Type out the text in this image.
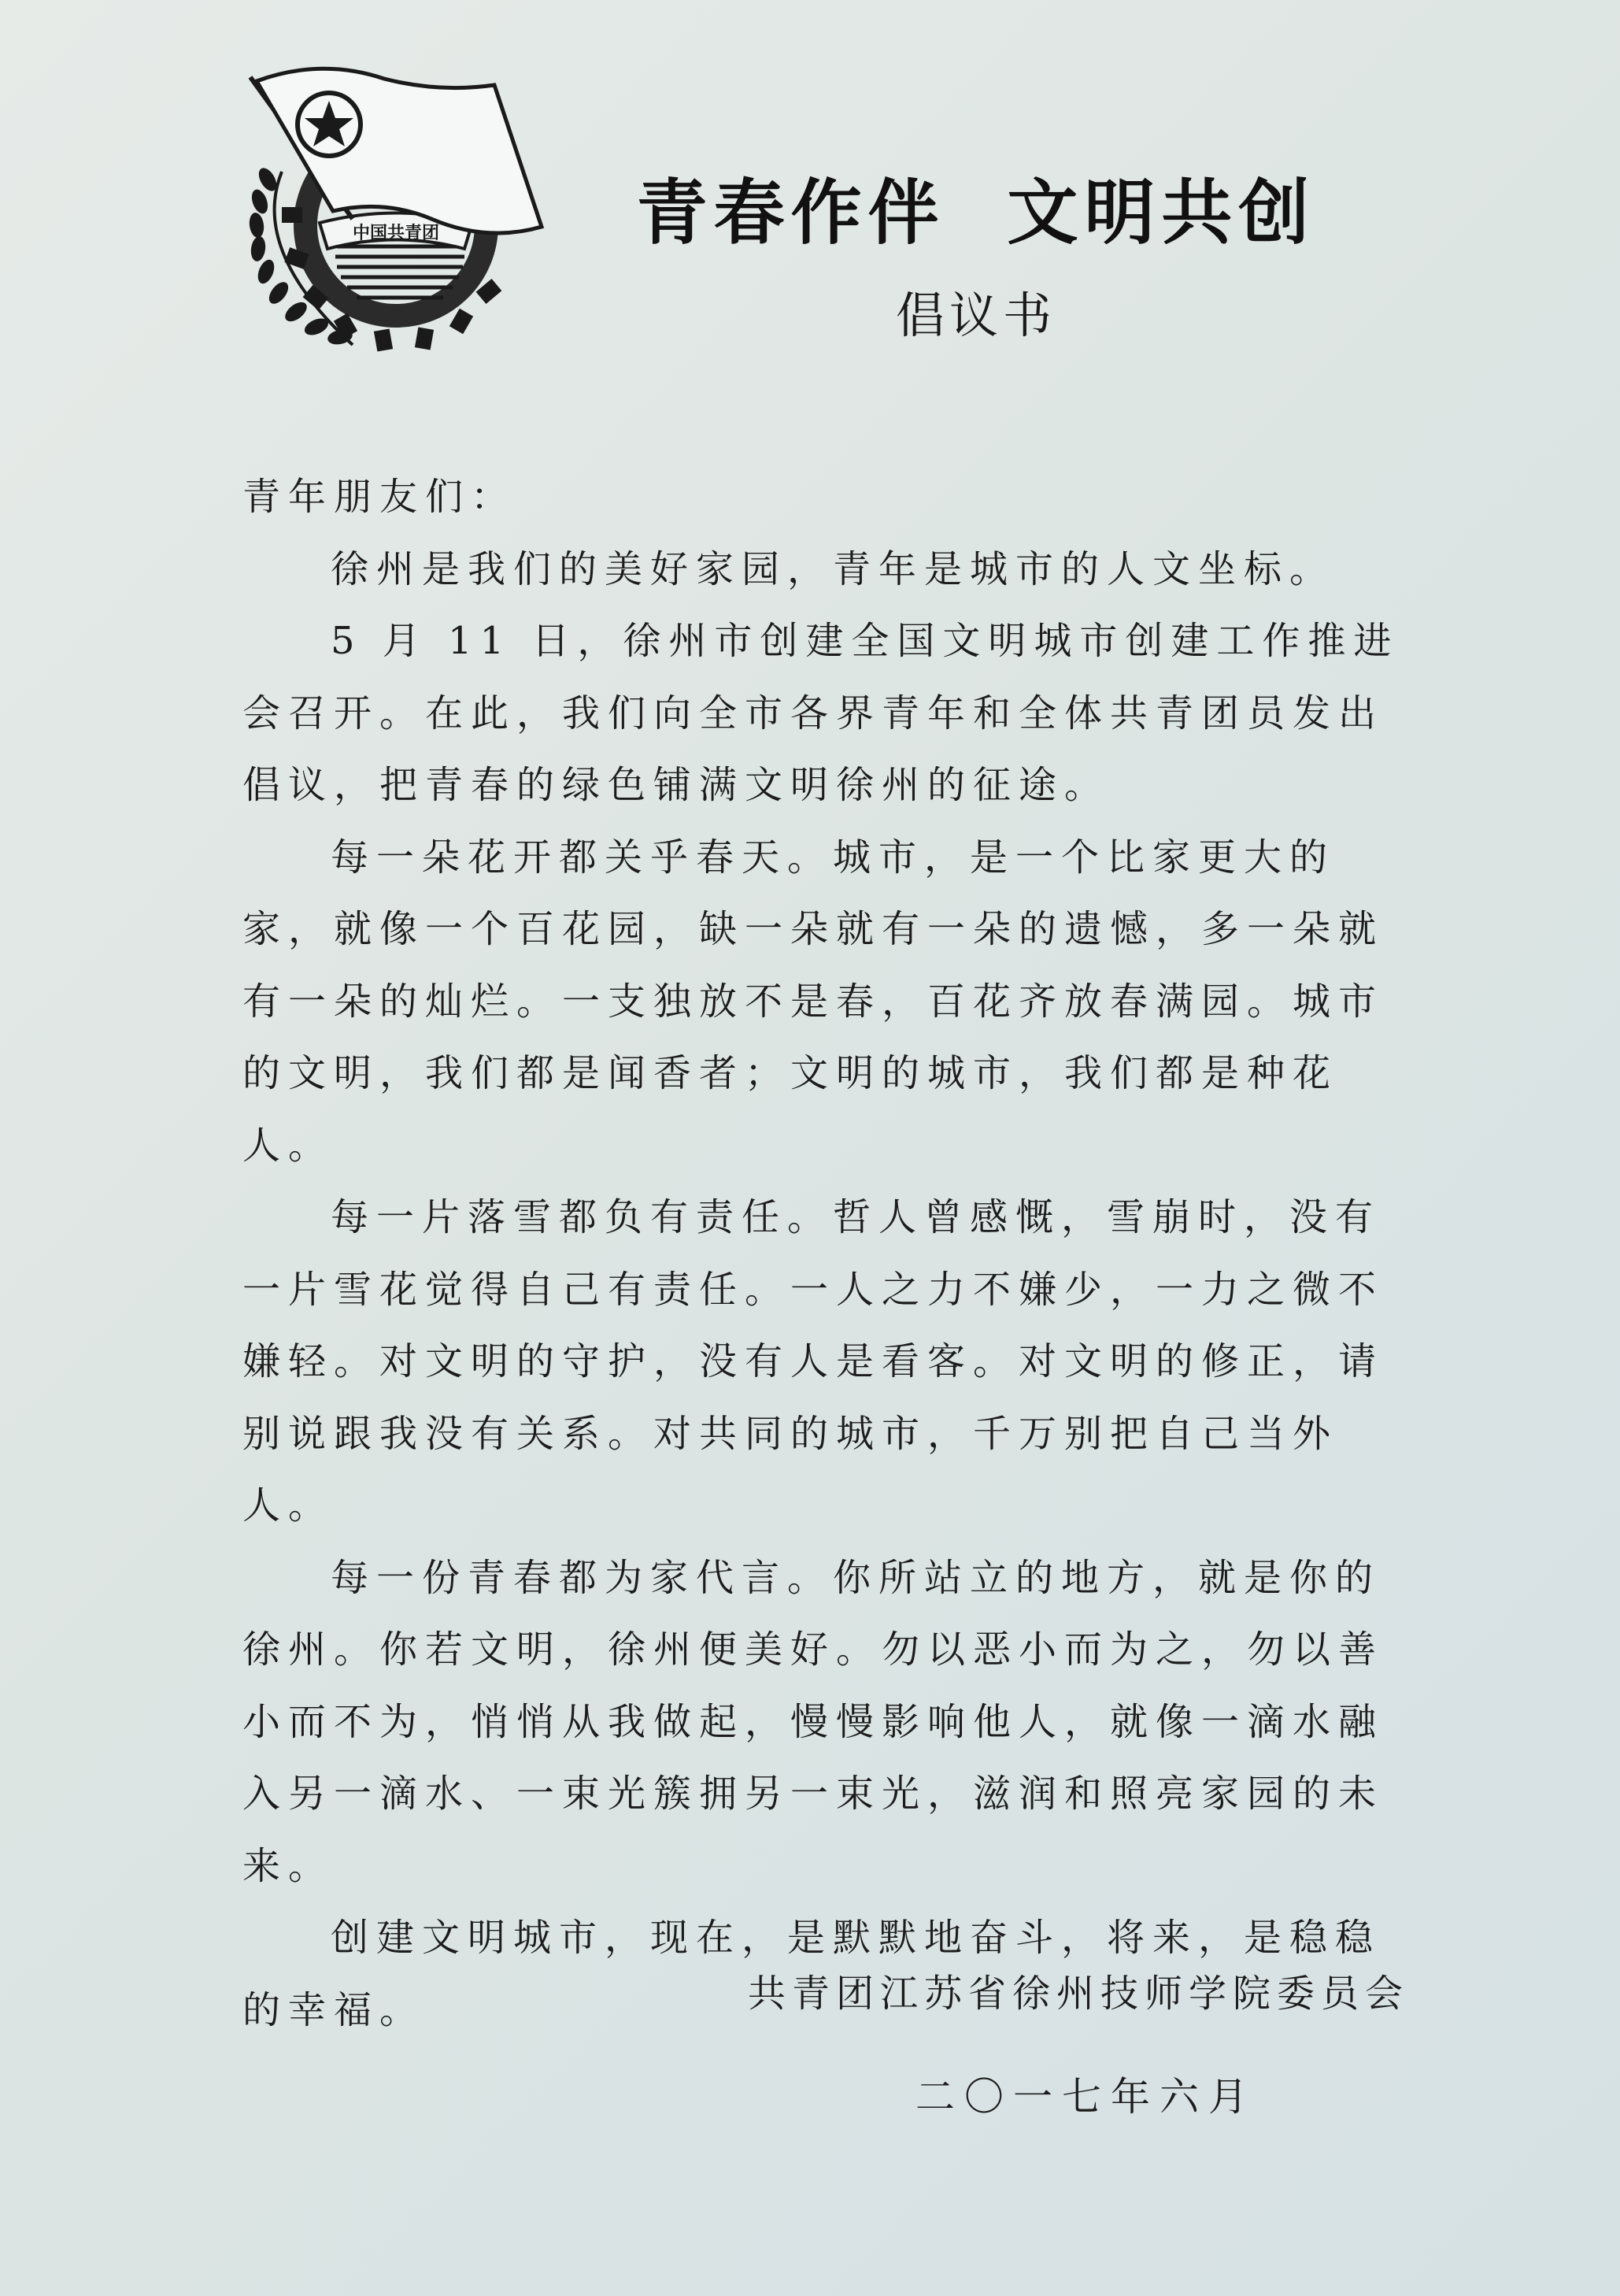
中国共青团	青春作伴  文明共创
倡议书

青年朋友们：

徐州是我们的美好家园，青年是城市的人文坐标。

5 月 11 日，徐州市创建全国文明城市创建工作推进会召开。在此，我们向全市各界青年和全体共青团员发出倡议，把青春的绿色铺满文明徐州的征途。

每一朵花开都关乎春天。城市，是一个比家更大的家，就像一个百花园，缺一朵就有一朵的遗憾，多一朵就有一朵的灿烂。一支独放不是春，百花齐放春满园。城市的文明，我们都是闻香者；文明的城市，我们都是种花人。

每一片落雪都负有责任。哲人曾感慨，雪崩时，没有一片雪花觉得自己有责任。一人之力不嫌少，一力之微不嫌轻。对文明的守护，没有人是看客。对文明的修正，请别说跟我没有关系。对共同的城市，千万别把自己当外人。

每一份青春都为家代言。你所站立的地方，就是你的徐州。你若文明，徐州便美好。勿以恶小而为之，勿以善小而不为，悄悄从我做起，慢慢影响他人，就像一滴水融入另一滴水、一束光簇拥另一束光，滋润和照亮家园的未来。

创建文明城市，现在，是默默地奋斗，将来，是稳稳的幸福。	共青团江苏省徐州技师学院委员会
二〇一七年六月
